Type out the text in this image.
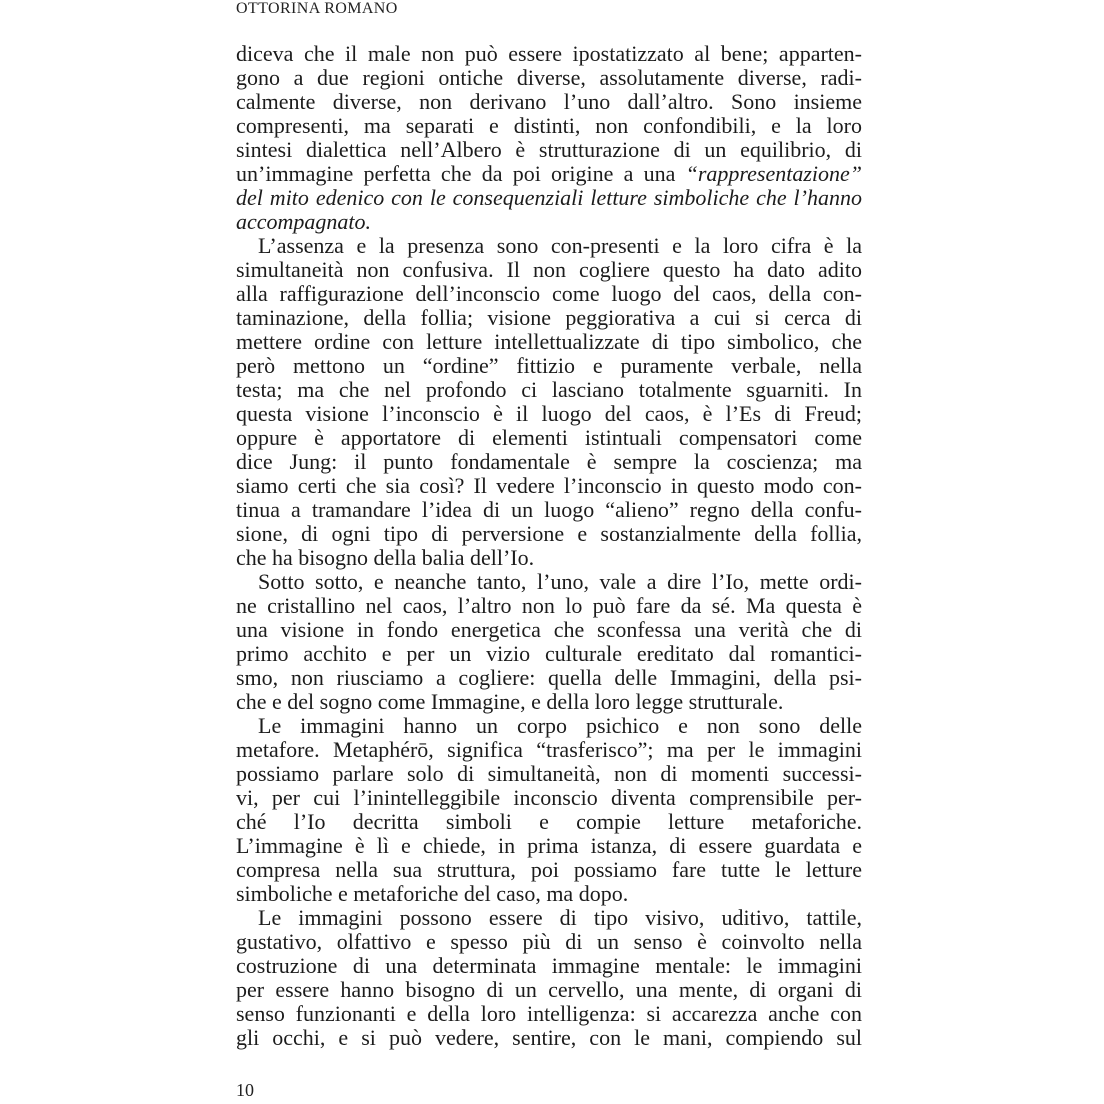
OTTORINA ROMANO
diceva che il male non può essere ipostatizzato al bene; apparten-
gono a due regioni ontiche diverse, assolutamente diverse, radi-
calmente diverse, non derivano l’uno dall’altro. Sono insieme
compresenti, ma separati e distinti, non confondibili, e la loro
sintesi dialettica nell’Albero è strutturazione di un equilibrio, di
un’immagine perfetta che da poi origine a una “rappresentazione”
del mito edenico con le consequenziali letture simboliche che l’hanno
accompagnato.
L’assenza e la presenza sono con-presenti e la loro cifra è la
simultaneità non confusiva. Il non cogliere questo ha dato adito
alla raffigurazione dell’inconscio come luogo del caos, della con-
taminazione, della follia; visione peggiorativa a cui si cerca di
mettere ordine con letture intellettualizzate di tipo simbolico, che
però mettono un “ordine” fittizio e puramente verbale, nella
testa; ma che nel profondo ci lasciano totalmente sguarniti. In
questa visione l’inconscio è il luogo del caos, è l’Es di Freud;
oppure è apportatore di elementi istintuali compensatori come
dice Jung: il punto fondamentale è sempre la coscienza; ma
siamo certi che sia così? Il vedere l’inconscio in questo modo con-
tinua a tramandare l’idea di un luogo “alieno” regno della confu-
sione, di ogni tipo di perversione e sostanzialmente della follia,
che ha bisogno della balia dell’Io.
Sotto sotto, e neanche tanto, l’uno, vale a dire l’Io, mette ordi-
ne cristallino nel caos, l’altro non lo può fare da sé. Ma questa è
una visione in fondo energetica che sconfessa una verità che di
primo acchito e per un vizio culturale ereditato dal romantici-
smo, non riusciamo a cogliere: quella delle Immagini, della psi-
che e del sogno come Immagine, e della loro legge strutturale.
Le immagini hanno un corpo psichico e non sono delle
metafore. Metaphérō, significa “trasferisco”; ma per le immagini
possiamo parlare solo di simultaneità, non di momenti successi-
vi, per cui l’inintelleggibile inconscio diventa comprensibile per-
ché l’Io decritta simboli e compie letture metaforiche.
L’immagine è lì e chiede, in prima istanza, di essere guardata e
compresa nella sua struttura, poi possiamo fare tutte le letture
simboliche e metaforiche del caso, ma dopo.
Le immagini possono essere di tipo visivo, uditivo, tattile,
gustativo, olfattivo e spesso più di un senso è coinvolto nella
costruzione di una determinata immagine mentale: le immagini
per essere hanno bisogno di un cervello, una mente, di organi di
senso funzionanti e della loro intelligenza: si accarezza anche con
gli occhi, e si può vedere, sentire, con le mani, compiendo sul
10
